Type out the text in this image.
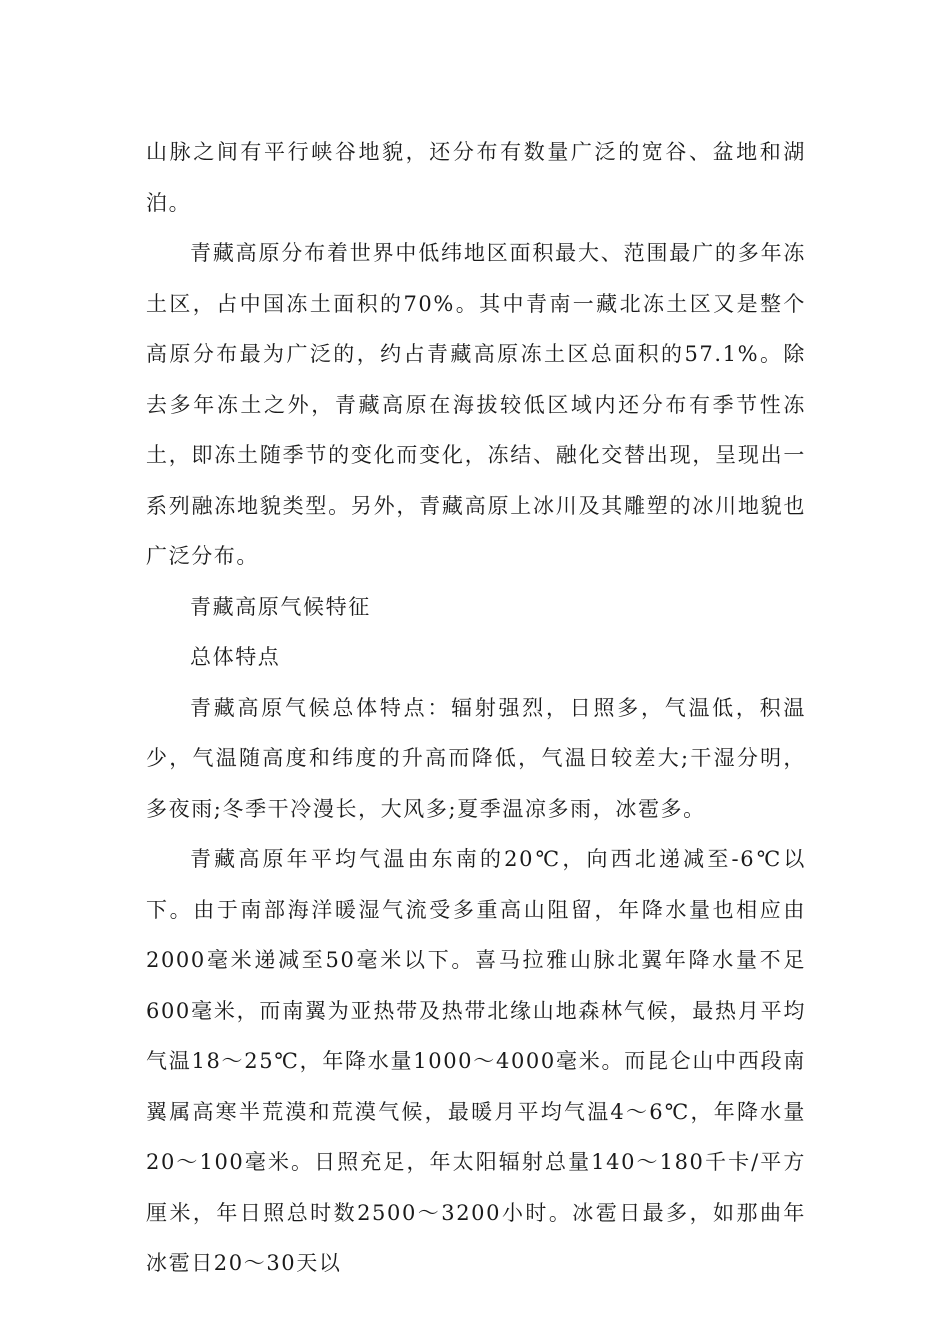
山脉之间有平行峡谷地貌，还分布有数量广泛的宽谷、盆地和湖泊。

青藏高原分布着世界中低纬地区面积最大、范围最广的多年冻土区，占中国冻土面积的70%。其中青南一藏北冻土区又是整个高原分布最为广泛的，约占青藏高原冻土区总面积的57.1%。除去多年冻土之外，青藏高原在海拔较低区域内还分布有季节性冻土，即冻土随季节的变化而变化，冻结、融化交替出现，呈现出一系列融冻地貌类型。另外，青藏高原上冰川及其雕塑的冰川地貌也广泛分布。

青藏高原气候特征

总体特点

青藏高原气候总体特点：辐射强烈，日照多，气温低，积温少，气温随高度和纬度的升高而降低，气温日较差大;干湿分明，多夜雨;冬季干冷漫长，大风多;夏季温凉多雨，冰雹多。

青藏高原年平均气温由东南的20℃，向西北递减至-6℃以下。由于南部海洋暖湿气流受多重高山阻留，年降水量也相应由2000毫米递减至50毫米以下。喜马拉雅山脉北翼年降水量不足600毫米，而南翼为亚热带及热带北缘山地森林气候，最热月平均气温18～25℃，年降水量1000～4000毫米。而昆仑山中西段南翼属高寒半荒漠和荒漠气候，最暖月平均气温4～6℃，年降水量20～100毫米。日照充足，年太阳辐射总量140～180千卡/平方厘米，年日照总时数2500～3200小时。冰雹日最多，如那曲年冰雹日20～30天以
